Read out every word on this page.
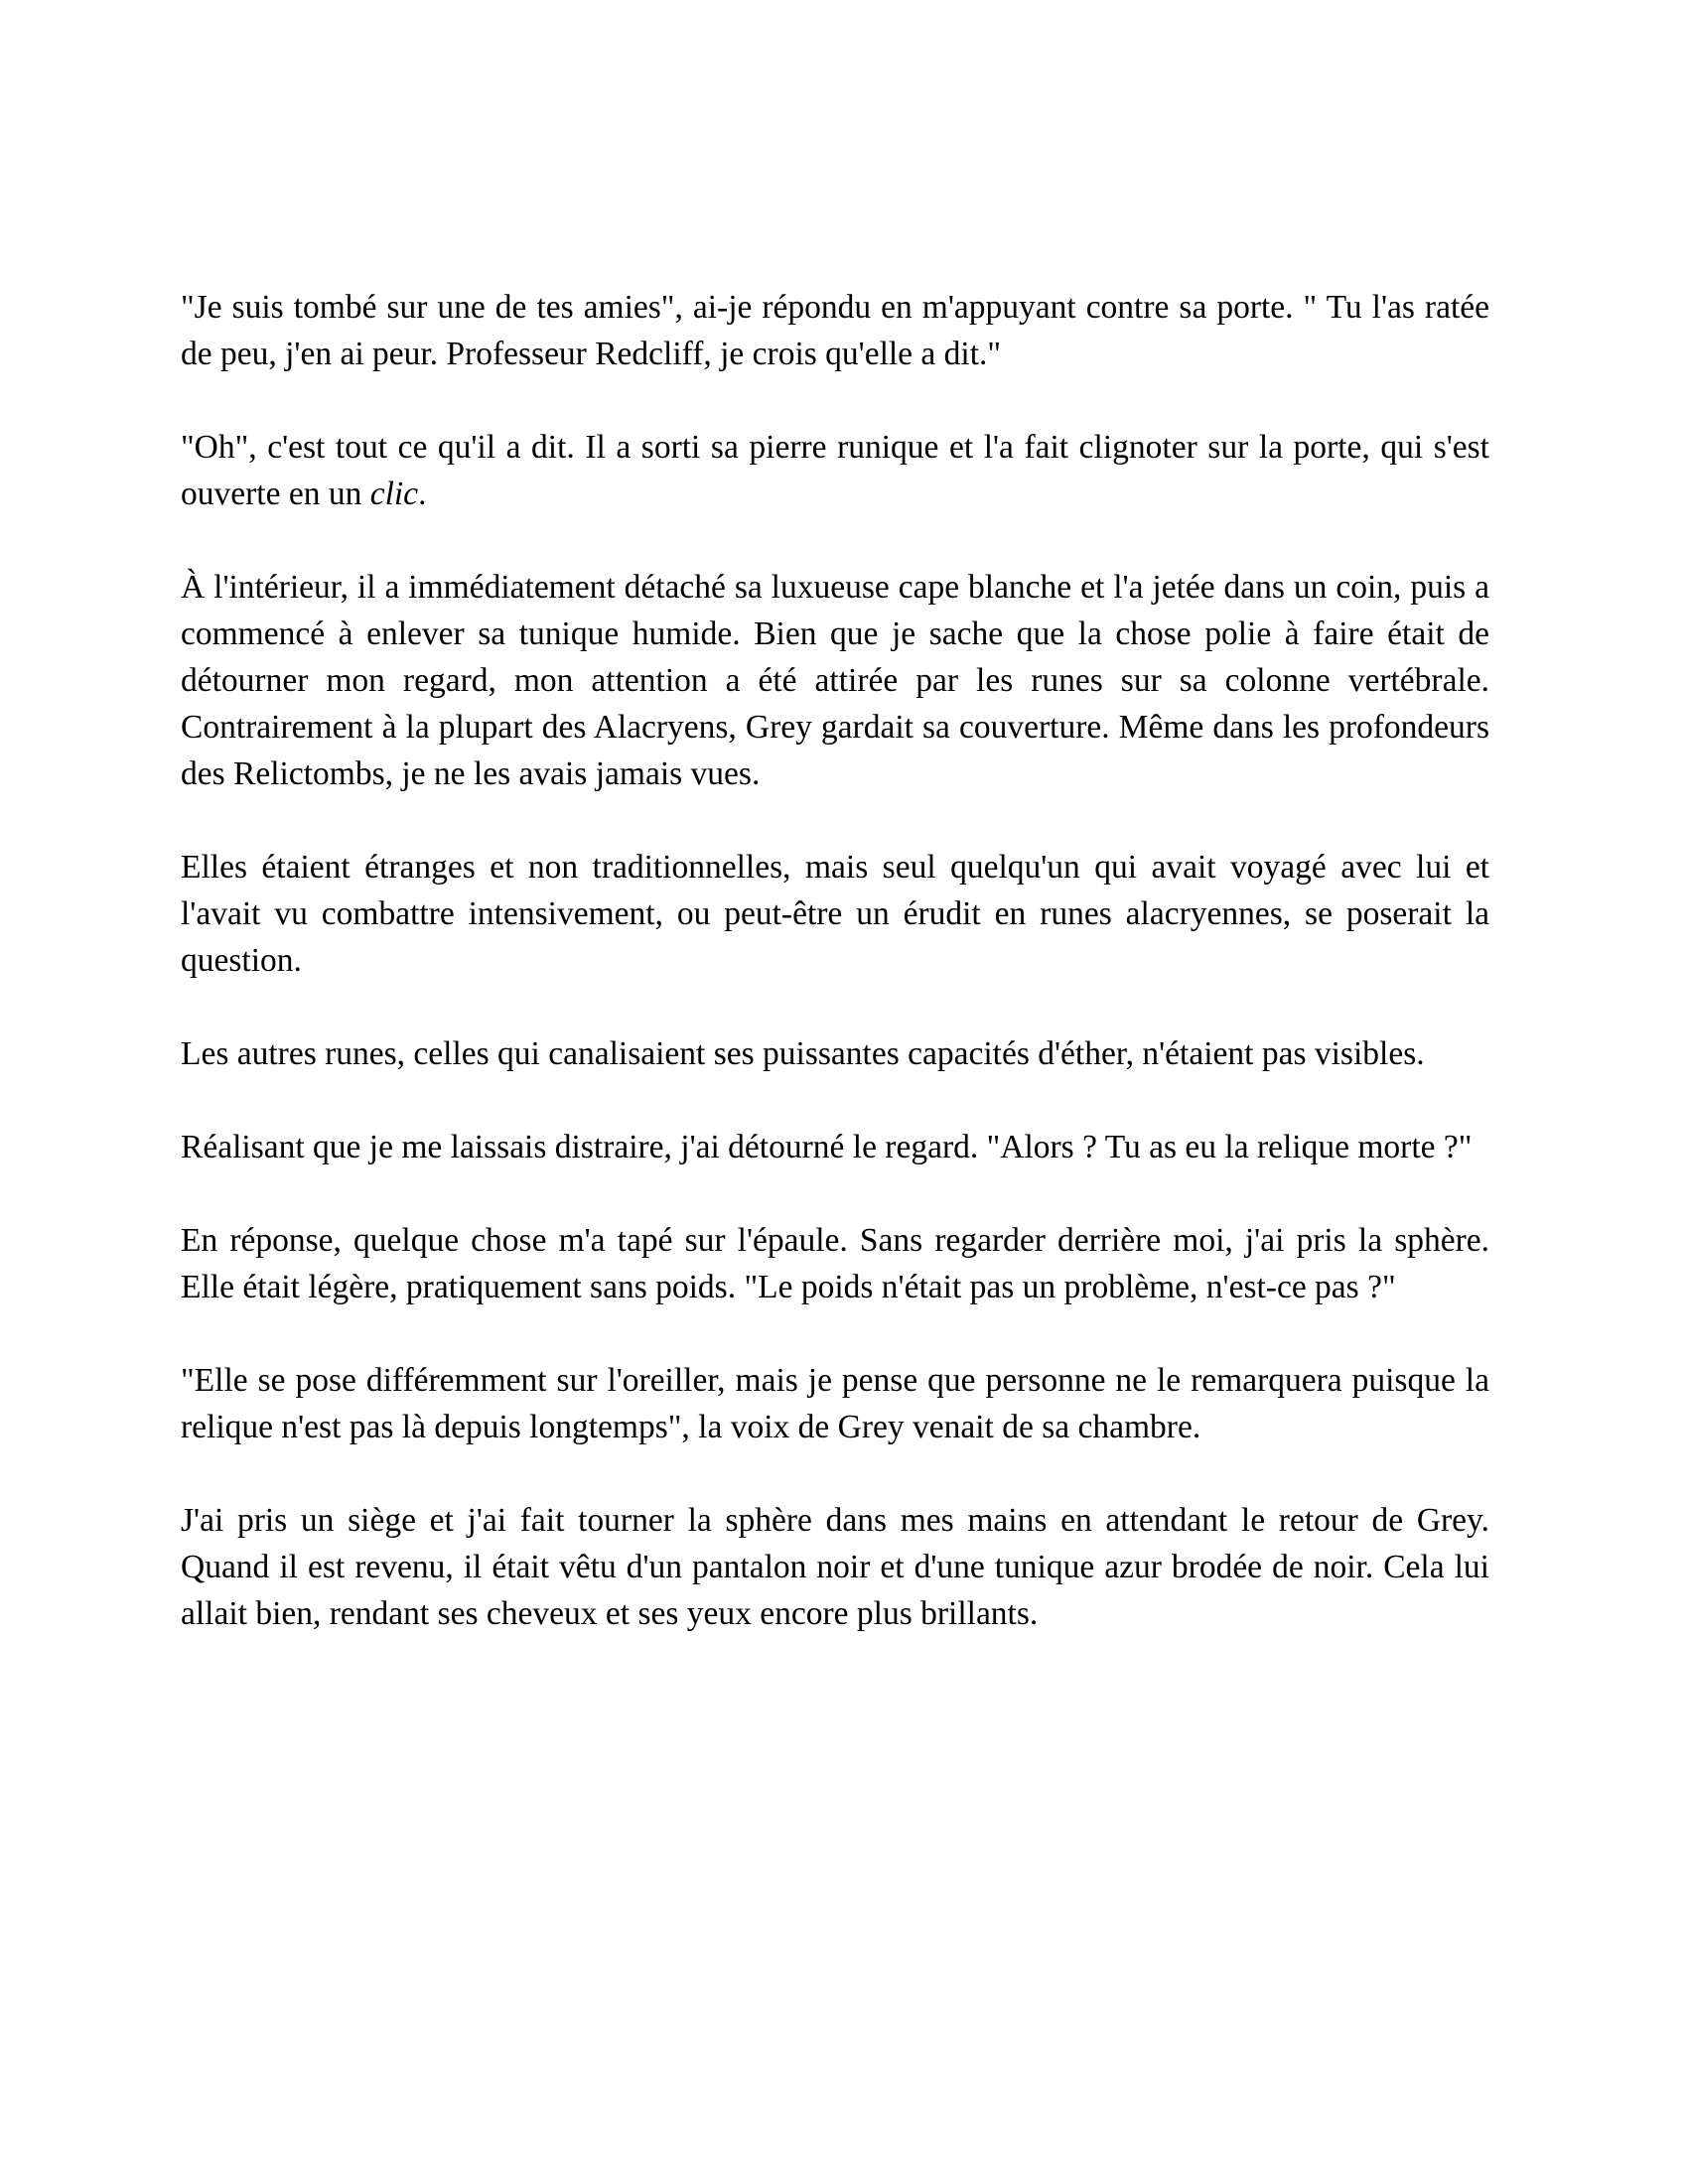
"Je suis tombé sur une de tes amies", ai-je répondu en m'appuyant contre sa porte. " Tu l'as ratée de peu, j'en ai peur. Professeur Redcliff, je crois qu'elle a dit."

"Oh", c'est tout ce qu'il a dit. Il a sorti sa pierre runique et l'a fait clignoter sur la porte, qui s'est ouverte en un clic.

À l'intérieur, il a immédiatement détaché sa luxueuse cape blanche et l'a jetée dans un coin, puis a commencé à enlever sa tunique humide. Bien que je sache que la chose polie à faire était de détourner mon regard, mon attention a été attirée par les runes sur sa colonne vertébrale. Contrairement à la plupart des Alacryens, Grey gardait sa couverture. Même dans les profondeurs des Relictombs, je ne les avais jamais vues.

Elles étaient étranges et non traditionnelles, mais seul quelqu'un qui avait voyagé avec lui et l'avait vu combattre intensivement, ou peut-être un érudit en runes alacryennes, se poserait la question.

Les autres runes, celles qui canalisaient ses puissantes capacités d'éther, n'étaient pas visibles.

Réalisant que je me laissais distraire, j'ai détourné le regard. "Alors ? Tu as eu la relique morte ?"

En réponse, quelque chose m'a tapé sur l'épaule. Sans regarder derrière moi, j'ai pris la sphère. Elle était légère, pratiquement sans poids. "Le poids n'était pas un problème, n'est-ce pas ?"

"Elle se pose différemment sur l'oreiller, mais je pense que personne ne le remarquera puisque la relique n'est pas là depuis longtemps", la voix de Grey venait de sa chambre.

J'ai pris un siège et j'ai fait tourner la sphère dans mes mains en attendant le retour de Grey. Quand il est revenu, il était vêtu d'un pantalon noir et d'une tunique azur brodée de noir. Cela lui allait bien, rendant ses cheveux et ses yeux encore plus brillants.
